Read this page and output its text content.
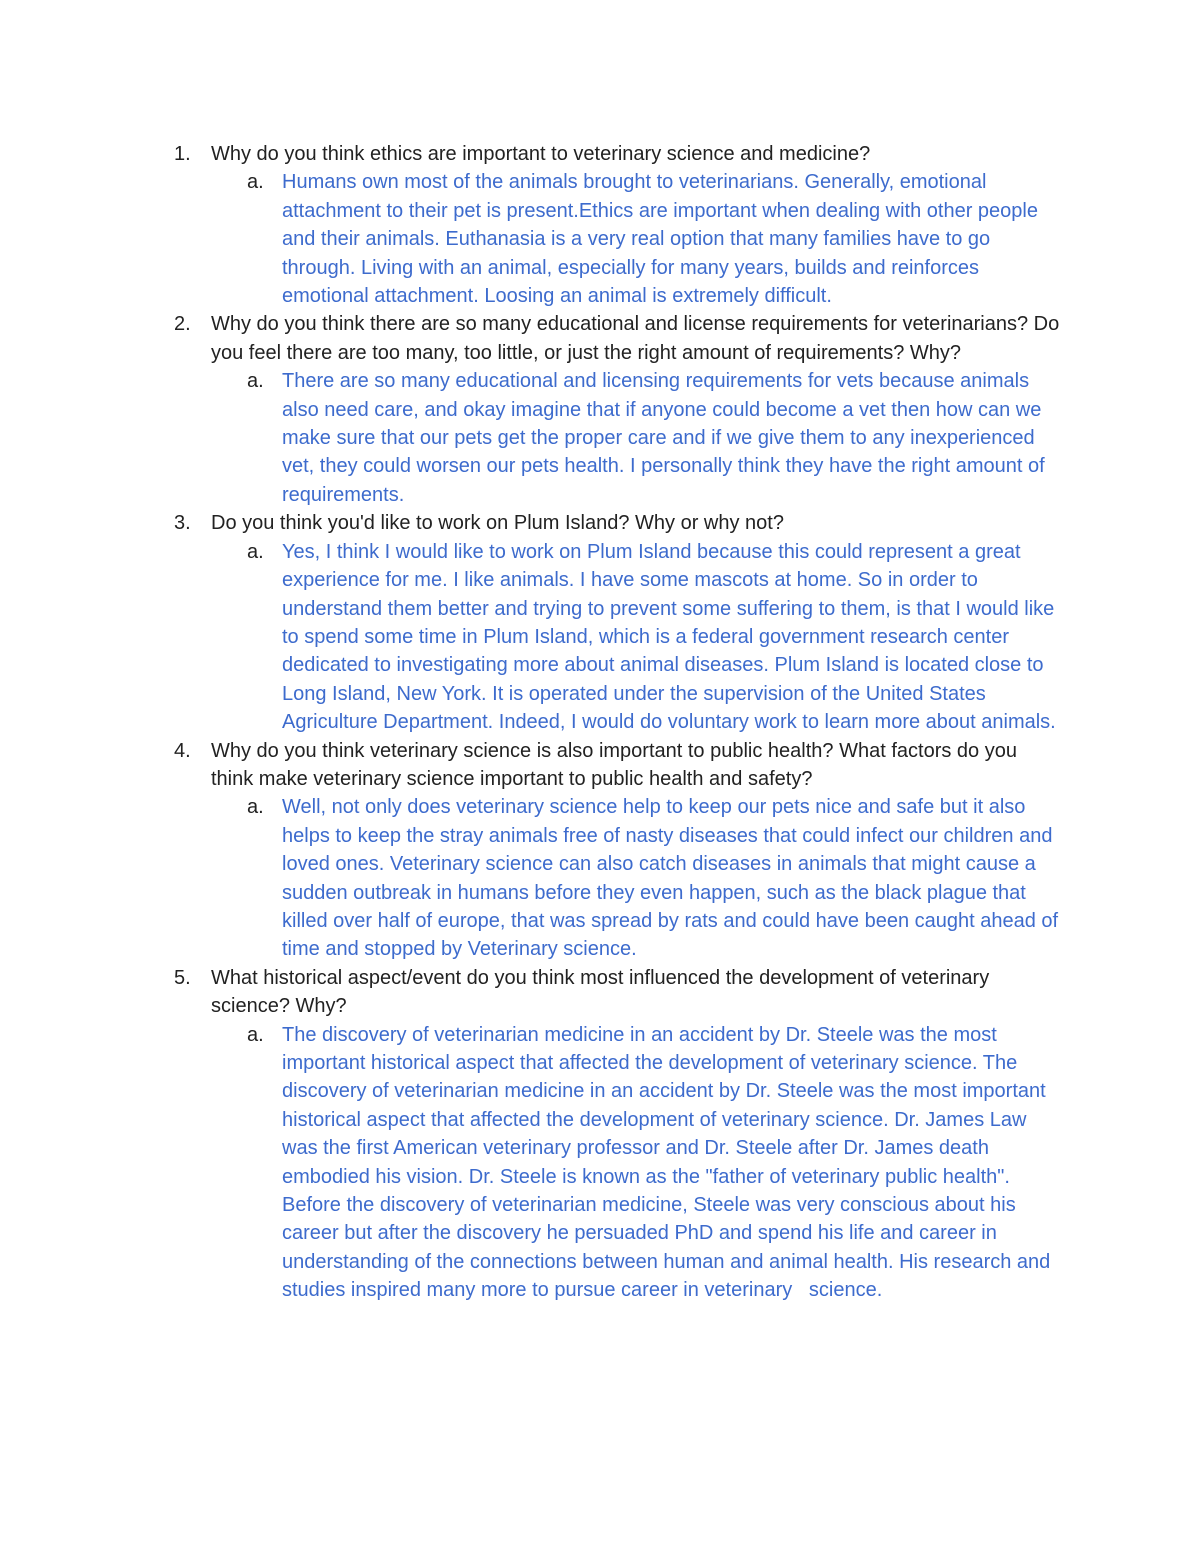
1. Why do you think ethics are important to veterinary science and medicine?
a. Humans own most of the animals brought to veterinarians. Generally, emotional attachment to their pet is present.Ethics are important when dealing with other people and their animals. Euthanasia is a very real option that many families have to go through. Living with an animal, especially for many years, builds and reinforces emotional attachment. Loosing an animal is extremely difficult.
2. Why do you think there are so many educational and license requirements for veterinarians? Do you feel there are too many, too little, or just the right amount of requirements? Why?
a. There are so many educational and licensing requirements for vets because animals also need care, and okay imagine that if anyone could become a vet then how can we make sure that our pets get the proper care and if we give them to any inexperienced vet, they could worsen our pets health. I personally think they have the right amount of requirements.
3. Do you think you'd like to work on Plum Island? Why or why not?
a. Yes, I think I would like to work on Plum Island because this could represent a great experience for me. I like animals. I have some mascots at home. So in order to understand them better and trying to prevent some suffering to them, is that I would like to spend some time in Plum Island, which is a federal government research center dedicated to investigating more about animal diseases. Plum Island is located close to Long Island, New York. It is operated under the supervision of the United States Agriculture Department. Indeed, I would do voluntary work to learn more about animals.
4. Why do you think veterinary science is also important to public health? What factors do you think make veterinary science important to public health and safety?
a. Well, not only does veterinary science help to keep our pets nice and safe but it also helps to keep the stray animals free of nasty diseases that could infect our children and loved ones. Veterinary science can also catch diseases in animals that might cause a sudden outbreak in humans before they even happen, such as the black plague that killed over half of europe, that was spread by rats and could have been caught ahead of time and stopped by Veterinary science.
5. What historical aspect/event do you think most influenced the development of veterinary science? Why?
a. The discovery of veterinarian medicine in an accident by Dr. Steele was the most important historical aspect that affected the development of veterinary science. The discovery of veterinarian medicine in an accident by Dr. Steele was the most important historical aspect that affected the development of veterinary science. Dr. James Law was the first American veterinary professor and Dr. Steele after Dr. James death embodied his vision. Dr. Steele is known as the "father of veterinary public health". Before the discovery of veterinarian medicine, Steele was very conscious about his career but after the discovery he persuaded PhD and spend his life and career in understanding of the connections between human and animal health. His research and studies inspired many more to pursue career in veterinary   science.
